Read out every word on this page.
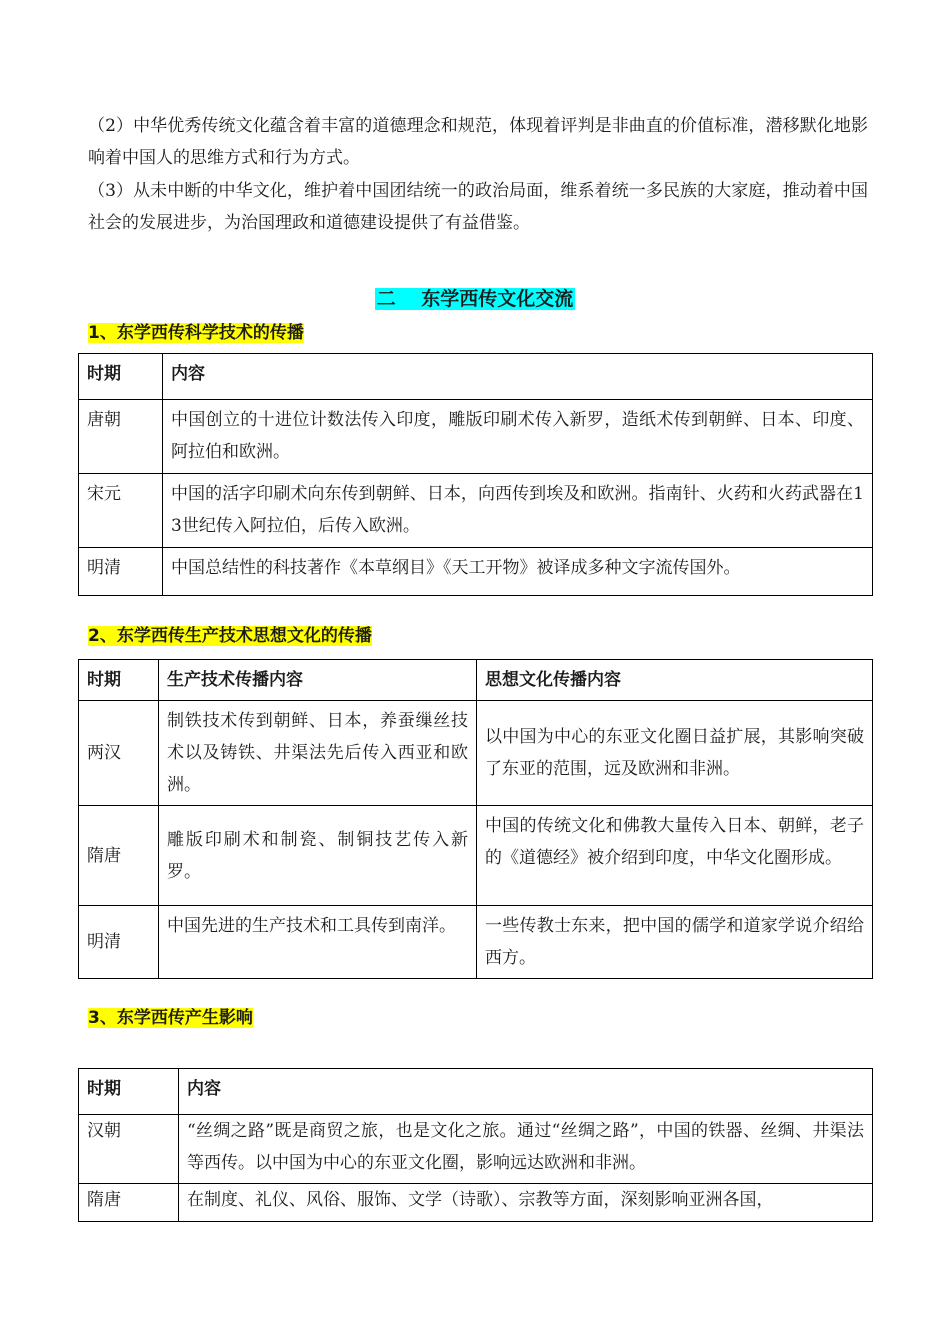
（2）中华优秀传统文化蕴含着丰富的道德理念和规范，体现着评判是非曲直的价值标准，潜移默化地影响着中国人的思维方式和行为方式。

（3）从未中断的中华文化，维护着中国团结统一的政治局面，维系着统一多民族的大家庭，推动着中国社会的发展进步，为治国理政和道德建设提供了有益借鉴。

二　 东学西传文化交流
1、东学西传科学技术的传播
时期	内容
唐朝	中国创立的十进位计数法传入印度，雕版印刷术传入新罗，造纸术传到朝鲜、日本、印度、阿拉伯和欧洲。
宋元	中国的活字印刷术向东传到朝鲜、日本，向西传到埃及和欧洲。指南针、火药和火药武器在13世纪传入阿拉伯，后传入欧洲。
明清	中国总结性的科技著作《本草纲目》《天工开物》被译成多种文字流传国外。
2、东学西传生产技术思想文化的传播
时期	生产技术传播内容	思想文化传播内容
两汉	制铁技术传到朝鲜、日本，养蚕缫丝技术以及铸铁、井渠法先后传入西亚和欧洲。	以中国为中心的东亚文化圈日益扩展，其影响突破了东亚的范围，远及欧洲和非洲。
隋唐	雕版印刷术和制瓷、制铜技艺传入新罗。	中国的传统文化和佛教大量传入日本、朝鲜，老子的《道德经》被介绍到印度，中华文化圈形成。
明清	中国先进的生产技术和工具传到南洋。	一些传教士东来，把中国的儒学和道家学说介绍给西方。
3、东学西传产生影响
时期	内容
汉朝	“丝绸之路”既是商贸之旅，也是文化之旅。通过“丝绸之路”，中国的铁器、丝绸、井渠法等西传。以中国为中心的东亚文化圈，影响远达欧洲和非洲。
隋唐	在制度、礼仪、风俗、服饰、文学（诗歌）、宗教等方面，深刻影响亚洲各国，
